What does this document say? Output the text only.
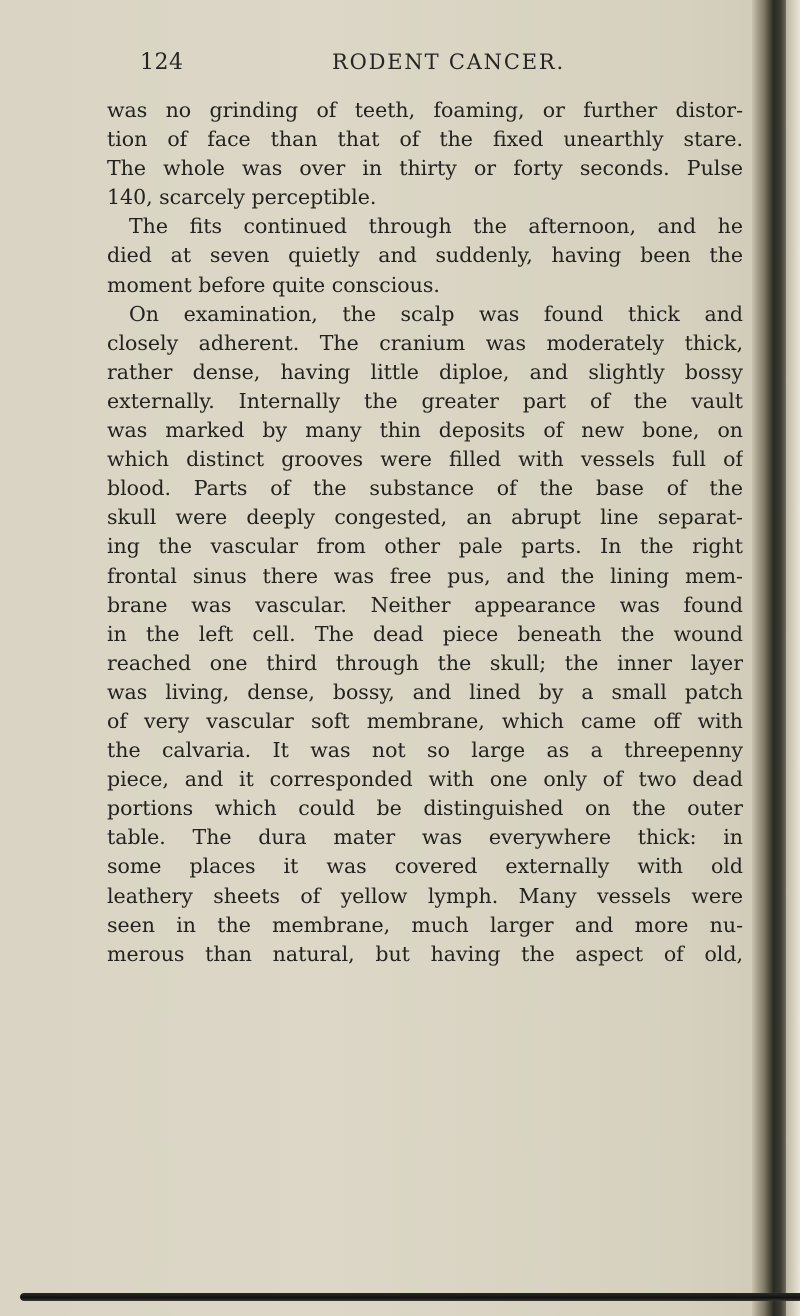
124	RODENT CANCER.
was no grinding of teeth, foaming, or further distor-
tion of face than that of the fixed unearthly stare.
The whole was over in thirty or forty seconds. Pulse
140, scarcely perceptible.
The fits continued through the afternoon, and he
died at seven quietly and suddenly, having been the
moment before quite conscious.
On examination, the scalp was found thick and
closely adherent. The cranium was moderately thick,
rather dense, having little diploe, and slightly bossy
externally. Internally the greater part of the vault
was marked by many thin deposits of new bone, on
which distinct grooves were filled with vessels full of
blood. Parts of the substance of the base of the
skull were deeply congested, an abrupt line separat-
ing the vascular from other pale parts. In the right
frontal sinus there was free pus, and the lining mem-
brane was vascular. Neither appearance was found
in the left cell. The dead piece beneath the wound
reached one third through the skull; the inner layer
was living, dense, bossy, and lined by a small patch
of very vascular soft membrane, which came off with
the calvaria. It was not so large as a threepenny
piece, and it corresponded with one only of two dead
portions which could be distinguished on the outer
table. The dura mater was everywhere thick: in
some places it was covered externally with old
leathery sheets of yellow lymph. Many vessels were
seen in the membrane, much larger and more nu-
merous than natural, but having the aspect of old,
